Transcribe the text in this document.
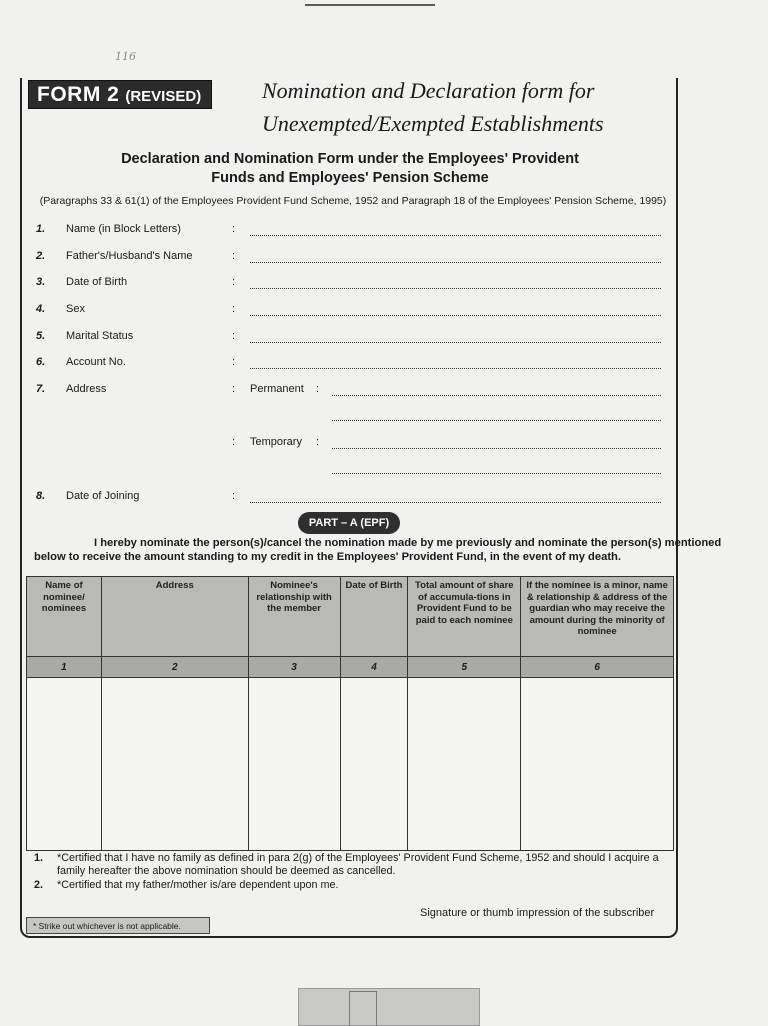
116
FORM 2 (REVISED)	Nomination and Declaration form for
Unexempted/Exempted Establishments
Declaration and Nomination Form under the Employees' Provident
Funds and Employees' Pension Scheme
(Paragraphs 33 & 61(1) of the Employees Provident Fund Scheme, 1952 and Paragraph 18 of the Employees' Pension Scheme, 1995)
1. Name (in Block Letters)	:
2. Father's/Husband's Name	:
3. Date of Birth	:
4. Sex	:
5. Marital Status	:
6. Account No.	:
7. Address	: Permanent :
: Temporary :
8. Date of Joining	:
PART – A (EPF)
I hereby nominate the person(s)/cancel the nomination made by me previously and nominate the person(s) mentioned
below to receive the amount standing to my credit in the Employees' Provident Fund, in the event of my death.
Name of nominee/ nominees	Address	Nominee's relationship with the member	Date of Birth	Total amount of share of accumula-tions in Provident Fund to be paid to each nominee	If the nominee is a minor, name & relationship & address of the guardian who may receive the amount during the minority of nominee
1	2	3	4	5	6

1. *Certified that I have no family as defined in para 2(g) of the Employees' Provident Fund Scheme, 1952 and should I acquire a family hereafter the above nomination should be deemed as cancelled.
2. *Certified that my father/mother is/are dependent upon me.
Signature or thumb impression of the subscriber
* Strike out whichever is not applicable.
